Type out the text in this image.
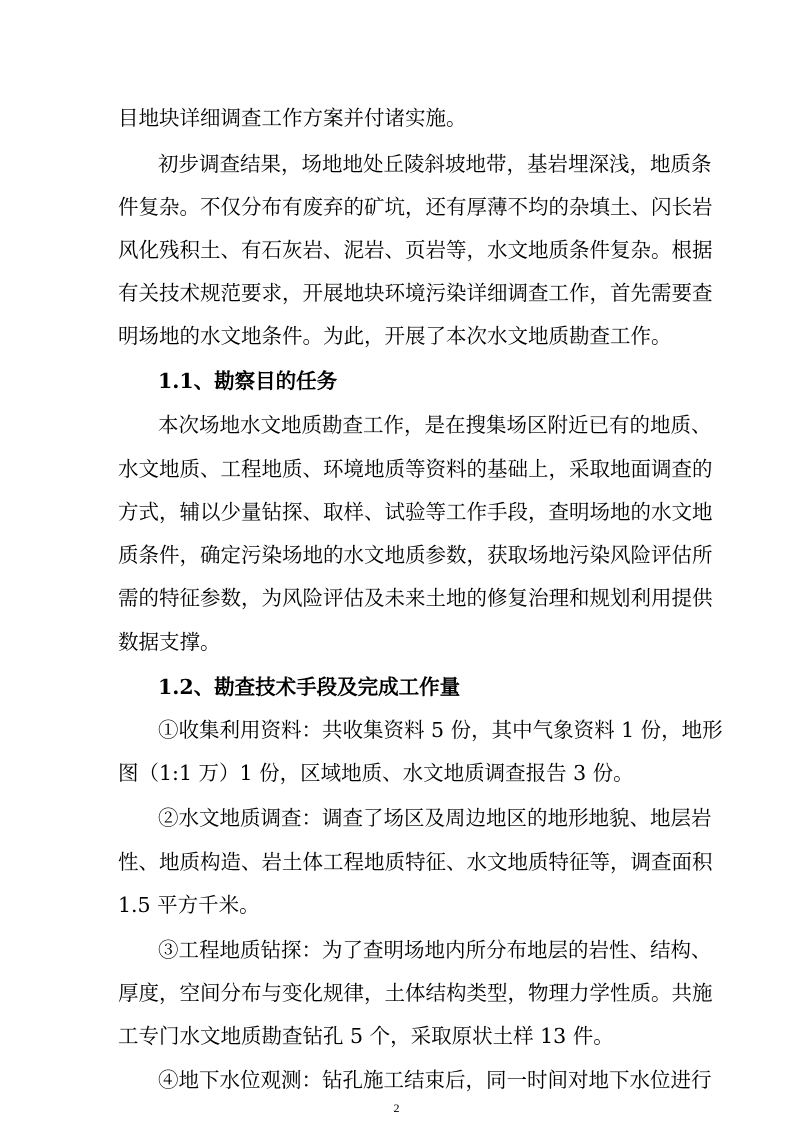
目地块详细调查工作方案并付诸实施。

初步调查结果，场地地处丘陵斜坡地带，基岩埋深浅，地质条

件复杂。不仅分布有废弃的矿坑，还有厚薄不均的杂填土、闪长岩

风化残积土、有石灰岩、泥岩、页岩等，水文地质条件复杂。根据

有关技术规范要求，开展地块环境污染详细调查工作，首先需要查

明场地的水文地条件。为此，开展了本次水文地质勘查工作。

1.1、勘察目的任务

本次场地水文地质勘查工作，是在搜集场区附近已有的地质、

水文地质、工程地质、环境地质等资料的基础上，采取地面调查的

方式，辅以少量钻探、取样、试验等工作手段，查明场地的水文地

质条件，确定污染场地的水文地质参数，获取场地污染风险评估所

需的特征参数，为风险评估及未来土地的修复治理和规划利用提供

数据支撑。

1.2、勘查技术手段及完成工作量

①收集利用资料：共收集资料 5 份，其中气象资料 1 份，地形

图（1:1 万）1 份，区域地质、水文地质调查报告 3 份。

②水文地质调查：调查了场区及周边地区的地形地貌、地层岩

性、地质构造、岩土体工程地质特征、水文地质特征等，调查面积

1.5 平方千米。

③工程地质钻探：为了查明场地内所分布地层的岩性、结构、

厚度，空间分布与变化规律，土体结构类型，物理力学性质。共施

工专门水文地质勘查钻孔 5 个，采取原状土样 13 件。

④地下水位观测：钻孔施工结束后，同一时间对地下水位进行

2
